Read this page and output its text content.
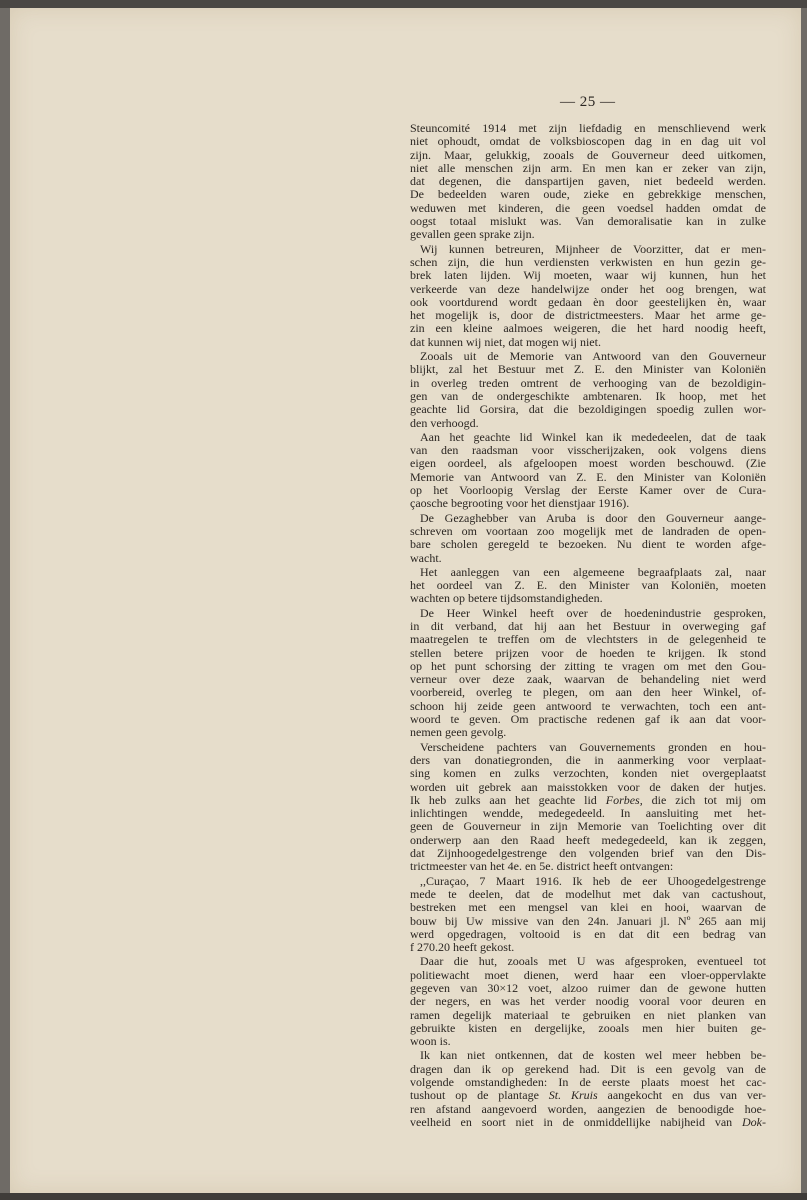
— 25 —

Steuncomité 1914 met zijn liefdadig en menschlievend werk
niet ophoudt, omdat de volksbioscopen dag in en dag uit vol
zijn. Maar, gelukkig, zooals de Gouverneur deed uitkomen,
niet alle menschen zijn arm. En men kan er zeker van zijn,
dat degenen, die danspartijen gaven, niet bedeeld werden.
De bedeelden waren oude, zieke en gebrekkige menschen,
weduwen met kinderen, die geen voedsel hadden omdat de
oogst totaal mislukt was. Van demoralisatie kan in zulke
gevallen geen sprake zijn.

Wij kunnen betreuren, Mijnheer de Voorzitter, dat er men-
schen zijn, die hun verdiensten verkwisten en hun gezin ge-
brek laten lijden. Wij moeten, waar wij kunnen, hun het
verkeerde van deze handelwijze onder het oog brengen, wat
ook voortdurend wordt gedaan èn door geestelijken èn, waar
het mogelijk is, door de districtmeesters. Maar het arme ge-
zin een kleine aalmoes weigeren, die het hard noodig heeft,
dat kunnen wij niet, dat mogen wij niet.

Zooals uit de Memorie van Antwoord van den Gouverneur
blijkt, zal het Bestuur met Z. E. den Minister van Koloniën
in overleg treden omtrent de verhooging van de bezoldigin-
gen van de ondergeschikte ambtenaren. Ik hoop, met het
geachte lid Gorsira, dat die bezoldigingen spoedig zullen wor-
den verhoogd.

Aan het geachte lid Winkel kan ik mededeelen, dat de taak
van den raadsman voor visscherijzaken, ook volgens diens
eigen oordeel, als afgeloopen moest worden beschouwd. (Zie
Memorie van Antwoord van Z. E. den Minister van Koloniën
op het Voorloopig Verslag der Eerste Kamer over de Cura-
çaosche begrooting voor het dienstjaar 1916).

De Gezaghebber van Aruba is door den Gouverneur aange-
schreven om voortaan zoo mogelijk met de landraden de open-
bare scholen geregeld te bezoeken. Nu dient te worden afge-
wacht.

Het aanleggen van een algemeene begraafplaats zal, naar
het oordeel van Z. E. den Minister van Koloniën, moeten
wachten op betere tijdsomstandigheden.

De Heer Winkel heeft over de hoedenindustrie gesproken,
in dit verband, dat hij aan het Bestuur in overweging gaf
maatregelen te treffen om de vlechtsters in de gelegenheid te
stellen betere prijzen voor de hoeden te krijgen. Ik stond
op het punt schorsing der zitting te vragen om met den Gou-
verneur over deze zaak, waarvan de behandeling niet werd
voorbereid, overleg te plegen, om aan den heer Winkel, of-
schoon hij zeide geen antwoord te verwachten, toch een ant-
woord te geven. Om practische redenen gaf ik aan dat voor-
nemen geen gevolg.

Verscheidene pachters van Gouvernements gronden en hou-
ders van donatiegronden, die in aanmerking voor verplaat-
sing komen en zulks verzochten, konden niet overgeplaatst
worden uit gebrek aan maisstokken voor de daken der hutjes.
Ik heb zulks aan het geachte lid Forbes, die zich tot mij om
inlichtingen wendde, medegedeeld. In aansluiting met het-
geen de Gouverneur in zijn Memorie van Toelichting over dit
onderwerp aan den Raad heeft medegedeeld, kan ik zeggen,
dat Zijnhoogedelgestrenge den volgenden brief van den Dis-
trictmeester van het 4e. en 5e. district heeft ontvangen:

,,Curaçao, 7 Maart 1916. Ik heb de eer Uhoogedelgestrenge
mede te deelen, dat de modelhut met dak van cactushout,
bestreken met een mengsel van klei en hooi, waarvan de
bouw bij Uw missive van den 24n. Januari jl. Nº 265 aan mij
werd opgedragen, voltooid is en dat dit een bedrag van
f 270.20 heeft gekost.

Daar die hut, zooals met U was afgesproken, eventueel tot
politiewacht moet dienen, werd haar een vloer-oppervlakte
gegeven van 30×12 voet, alzoo ruimer dan de gewone hutten
der negers, en was het verder noodig vooral voor deuren en
ramen degelijk materiaal te gebruiken en niet planken van
gebruikte kisten en dergelijke, zooals men hier buiten ge-
woon is.

Ik kan niet ontkennen, dat de kosten wel meer hebben be-
dragen dan ik op gerekend had. Dit is een gevolg van de
volgende omstandigheden: In de eerste plaats moest het cac-
tushout op de plantage St. Kruis aangekocht en dus van ver-
ren afstand aangevoerd worden, aangezien de benoodigde hoe-
veelheid en soort niet in de onmiddellijke nabijheid van Dok-
